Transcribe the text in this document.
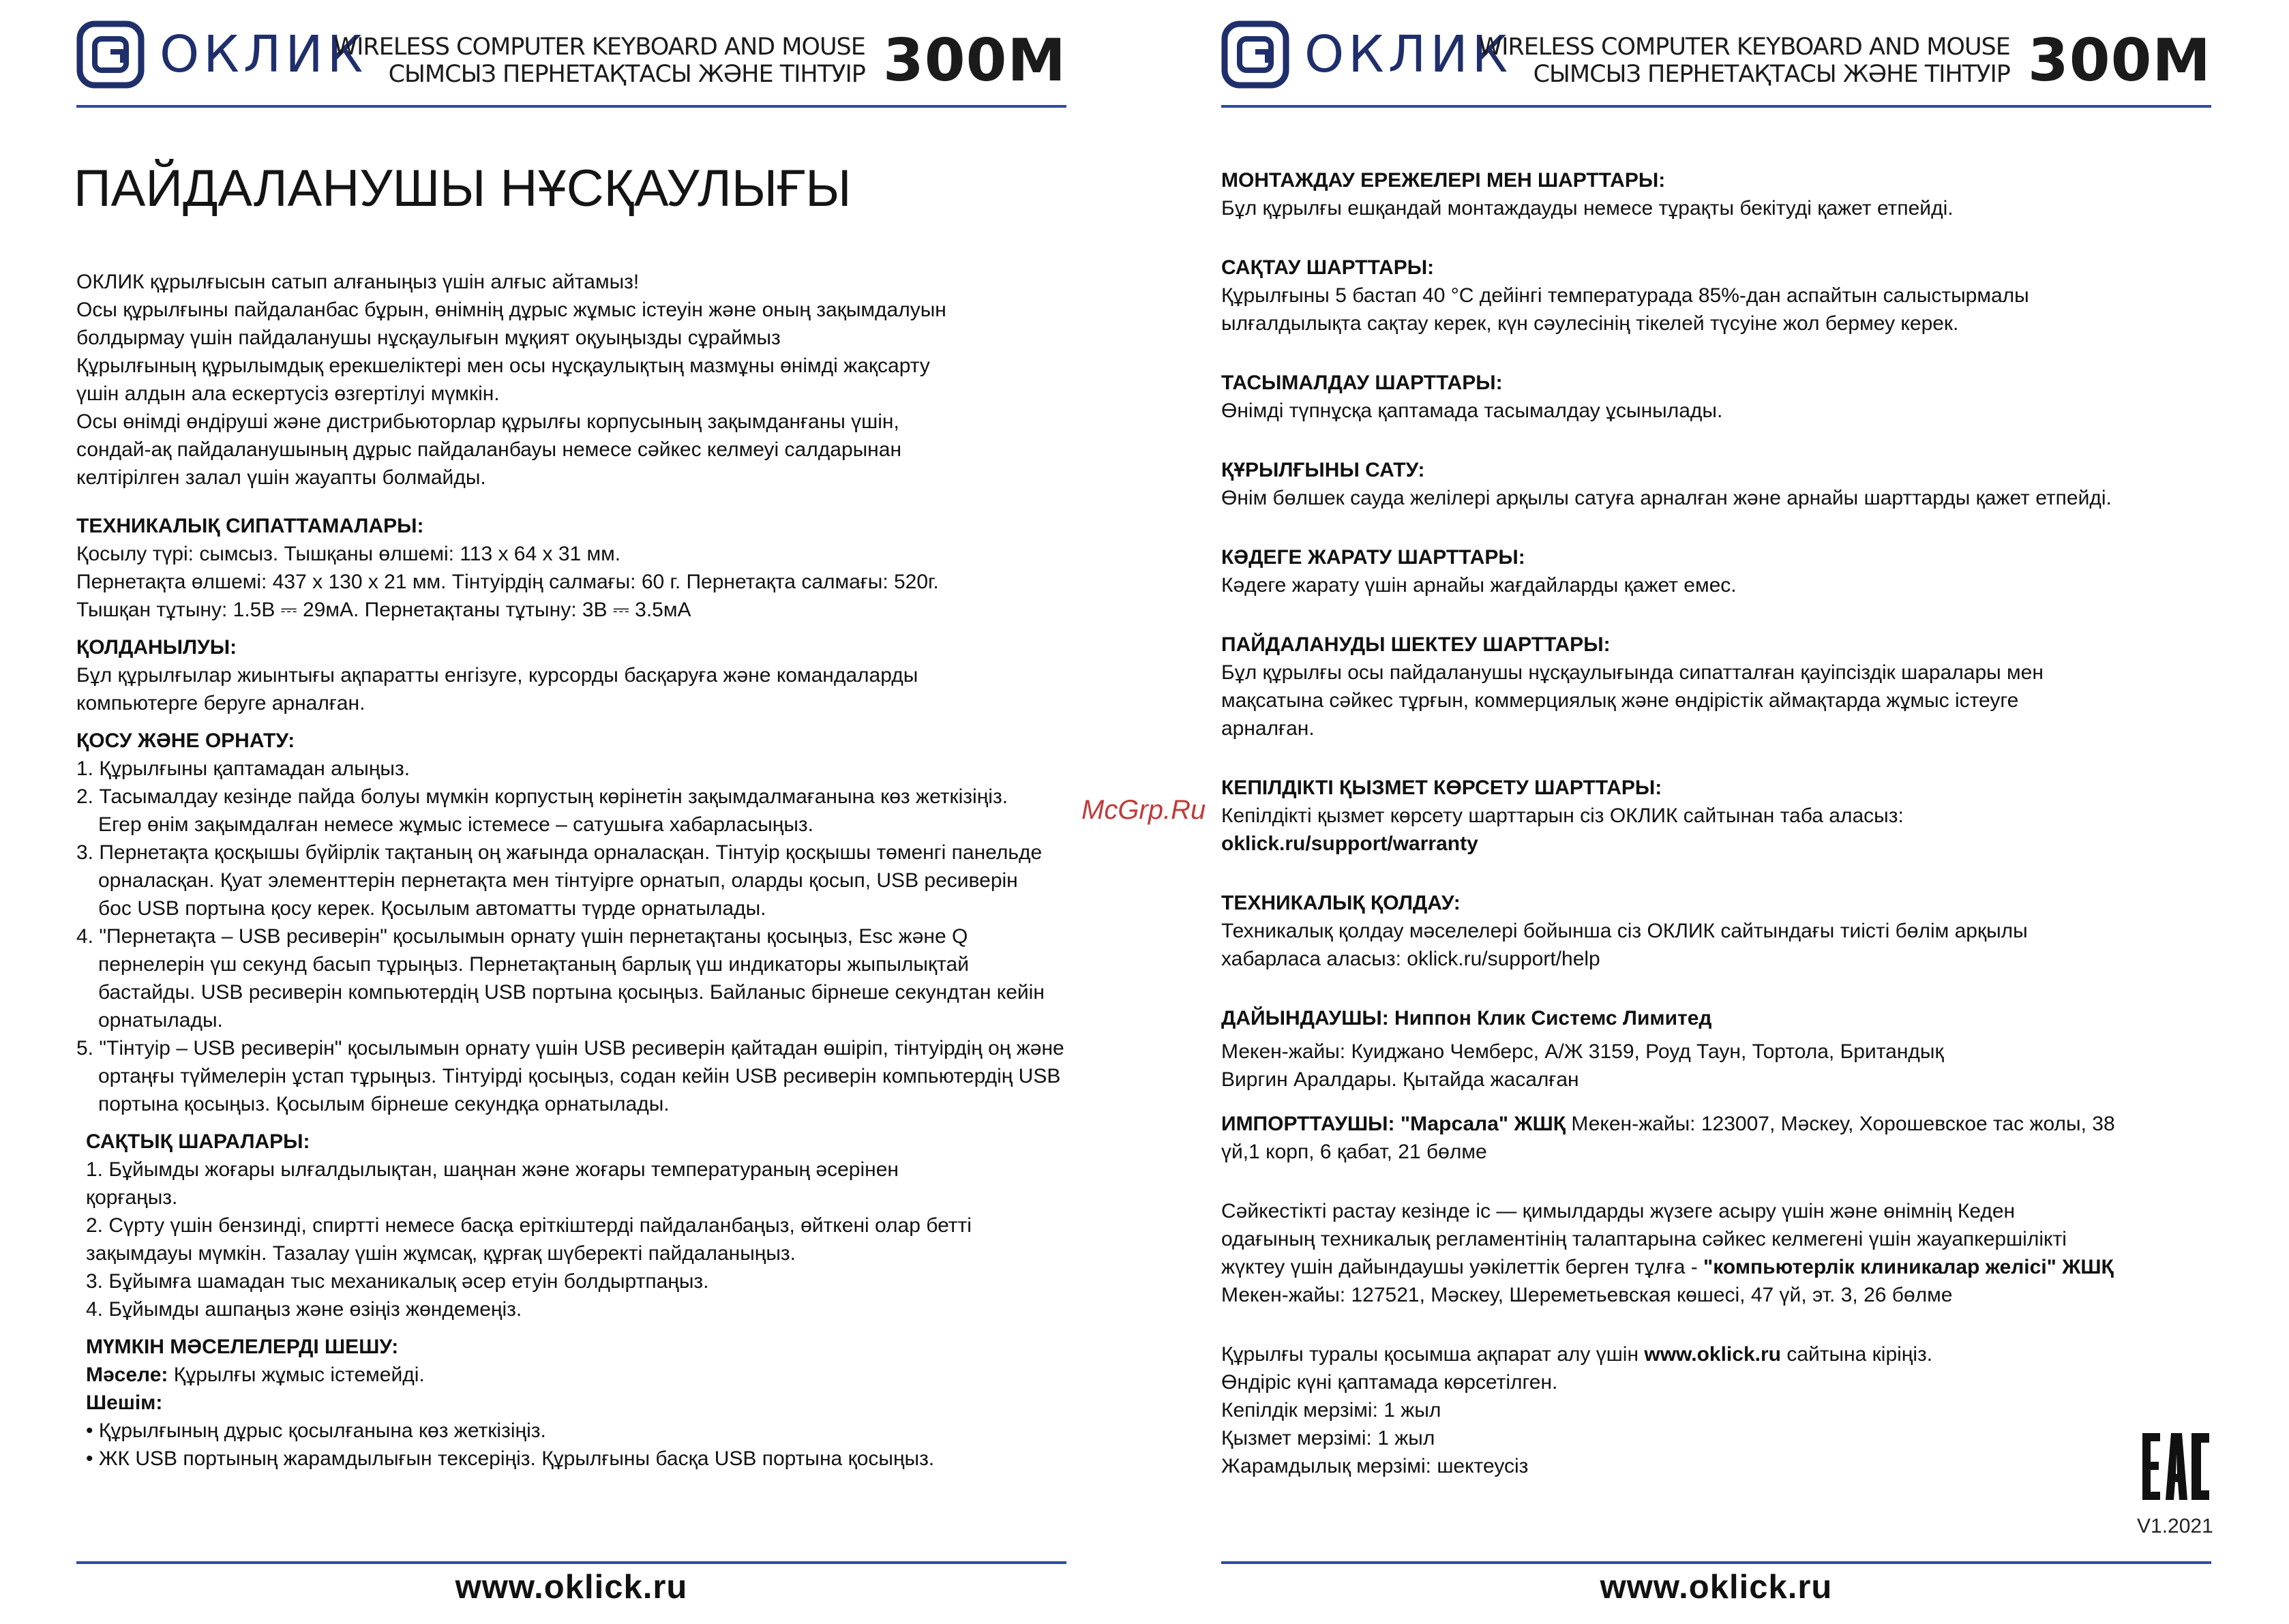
ОКЛИК
WIRELESS COMPUTER KEYBOARD AND MOUSE
СЫМСЫЗ ПЕРНЕТАҚТАСЫ ЖӘНЕ ТІНТУІР 300M
ПАЙДАЛАНУШЫ НҰСҚАУЛЫҒЫ

ОКЛИК құрылғысын сатып алғаныңыз үшін алғыс айтамыз!

Осы құрылғыны пайдаланбас бұрын, өнімнің дұрыс жұмыс істеуін және оның зақымдалуын

болдырмау үшін пайдаланушы нұсқаулығын мұқият оқуыңызды сұраймыз

Құрылғының құрылымдық ерекшеліктері мен осы нұсқаулықтың мазмұны өнімді жақсарту

үшін алдын ала ескертусіз өзгертілуі мүмкін.

Осы өнімді өндіруші және дистрибьюторлар құрылғы корпусының зақымданғаны үшін,

сондай-ақ пайдаланушының дұрыс пайдаланбауы немесе сәйкес келмеуі салдарынан

келтірілген залал үшін жауапты болмайды.

ТЕХНИКАЛЫҚ СИПАТТАМАЛАРЫ:

Қосылу түрі: сымсыз. Тышқаны өлшемі: 113 x 64 x 31 мм.

Пернетақта өлшемі: 437 x 130 x 21 мм. Тінтуірдің салмағы: 60 г. Пернетақта салмағы: 520г.

Тышқан тұтыну: 1.5В ⎓ 29мА. Пернетақтаны тұтыну: 3В ⎓ 3.5мА

ҚОЛДАНЫЛУЫ:

Бұл құрылғылар жиынтығы ақпаратты енгізуге, курсорды басқаруға және командаларды

компьютерге беруге арналған.

ҚОСУ ЖӘНЕ ОРНАТУ:

1. Құрылғыны қаптамадан алыңыз.

2. Тасымалдау кезінде пайда болуы мүмкін корпустың көрінетін зақымдалмағанына көз жеткізіңіз.

Егер өнім зақымдалған немесе жұмыс істемесе – сатушыға хабарласыңыз.

3. Пернетақта қосқышы бүйірлік тақтаның оң жағында орналасқан. Тінтуір қосқышы төменгі панельде

орналасқан. Қуат элементтерін пернетақта мен тінтуірге орнатып, оларды қосып, USB ресиверін

бос USB портына қосу керек. Қосылым автоматты түрде орнатылады.

4. "Пернетақта – USB ресиверін" қосылымын орнату үшін пернетақтаны қосыңыз, Esc және Q

пернелерін үш секунд басып тұрыңыз. Пернетақтаның барлық үш индикаторы жыпылықтай

бастайды. USB ресиверін компьютердің USB портына қосыңыз. Байланыс бірнеше секундтан кейін

орнатылады.

5. "Тінтуір – USB ресиверін" қосылымын орнату үшін USB ресиверін қайтадан өшіріп, тінтуірдің оң және

ортаңғы түймелерін ұстап тұрыңыз. Тінтуірді қосыңыз, содан кейін USB ресиверін компьютердің USB

портына қосыңыз. Қосылым бірнеше секундқа орнатылады.

САҚТЫҚ ШАРАЛАРЫ:

1. Бұйымды жоғары ылғалдылықтан, шаңнан және жоғары температураның әсерінен

қорғаңыз.

2. Сүрту үшін бензинді, спиртті немесе басқа еріткіштерді пайдаланбаңыз, өйткені олар бетті

зақымдауы мүмкін. Тазалау үшін жұмсақ, құрғақ шүберекті пайдаланыңыз.

3. Бұйымға шамадан тыс механикалық әсер етуін болдыртпаңыз.

4. Бұйымды ашпаңыз және өзіңіз жөндемеңіз.

МҮМКІН МӘСЕЛЕЛЕРДІ ШЕШУ:

Мәселе: Құрылғы жұмыс істемейді.

Шешім:

• Құрылғының дұрыс қосылғанына көз жеткізіңіз.

• ЖК USB портының жарамдылығын тексеріңіз. Құрылғыны басқа USB портына қосыңыз.

www.oklick.ru
ОКЛИК
WIRELESS COMPUTER KEYBOARD AND MOUSE
СЫМСЫЗ ПЕРНЕТАҚТАСЫ ЖӘНЕ ТІНТУІР 300M

МОНТАЖДАУ ЕРЕЖЕЛЕРІ МЕН ШАРТТАРЫ:

Бұл құрылғы ешқандай монтаждауды немесе тұрақты бекітуді қажет етпейді.

САҚТАУ ШАРТТАРЫ:

Құрылғыны 5 бастап 40 °С дейінгі температурада 85%-дан аспайтын салыстырмалы

ылғалдылықта сақтау керек, күн сәулесінің тікелей түсуіне жол бермеу керек.

ТАСЫМАЛДАУ ШАРТТАРЫ:

Өнімді түпнұсқа қаптамада тасымалдау ұсынылады.

ҚҰРЫЛҒЫНЫ САТУ:

Өнім бөлшек сауда желілері арқылы сатуға арналған және арнайы шарттарды қажет етпейді.

КӘДЕГЕ ЖАРАТУ ШАРТТАРЫ:

Кәдеге жарату үшін арнайы жағдайларды қажет емес.

ПАЙДАЛАНУДЫ ШЕКТЕУ ШАРТТАРЫ:

Бұл құрылғы осы пайдаланушы нұсқаулығында сипатталған қауіпсіздік шаралары мен

мақсатына сәйкес тұрғын, коммерциялық және өндірістік аймақтарда жұмыс істеуге

арналған.

КЕПІЛДІКТІ ҚЫЗМЕТ КӨРСЕТУ ШАРТТАРЫ:

Кепілдікті қызмет көрсету шарттарын сіз ОКЛИК сайтынан таба аласыз:

oklick.ru/support/warranty

ТЕХНИКАЛЫҚ ҚОЛДАУ:

Техникалық қолдау мәселелері бойынша сіз ОКЛИК сайтындағы тиісті бөлім арқылы

хабарласа аласыз: oklick.ru/support/help

ДАЙЫНДАУШЫ: Ниппон Клик Системс Лимитед

Мекен-жайы: Куиджано Чемберс, А/Ж 3159, Роуд Таун, Тортола, Британдық

Виргин Аралдары. Қытайда жасалған

ИМПОРТТАУШЫ: "Марсала" ЖШҚ Мекен-жайы: 123007, Мәскеу, Хорошевское тас жолы, 38

үй,1 корп, 6 қабат, 21 бөлме

Сәйкестікті растау кезінде іс — қимылдарды жүзеге асыру үшін және өнімнің Кеден

одағының техникалық регламентінің талаптарына сәйкес келмегені үшін жауапкершілікті

жүктеу үшін дайындаушы уәкілеттік берген тұлға - "компьютерлік клиникалар желісі" ЖШҚ

Мекен-жайы: 127521, Мәскеу, Шереметьевская көшесі, 47 үй, эт. 3, 26 бөлме

Құрылғы туралы қосымша ақпарат алу үшін www.oklick.ru сайтына кіріңіз.

Өндіріс күні қаптамада көрсетілген.

Кепілдік мерзімі: 1 жыл

Қызмет мерзімі: 1 жыл

Жарамдылық мерзімі: шектеусіз

www.oklick.ru
McGrp.Ru
V1.2021
